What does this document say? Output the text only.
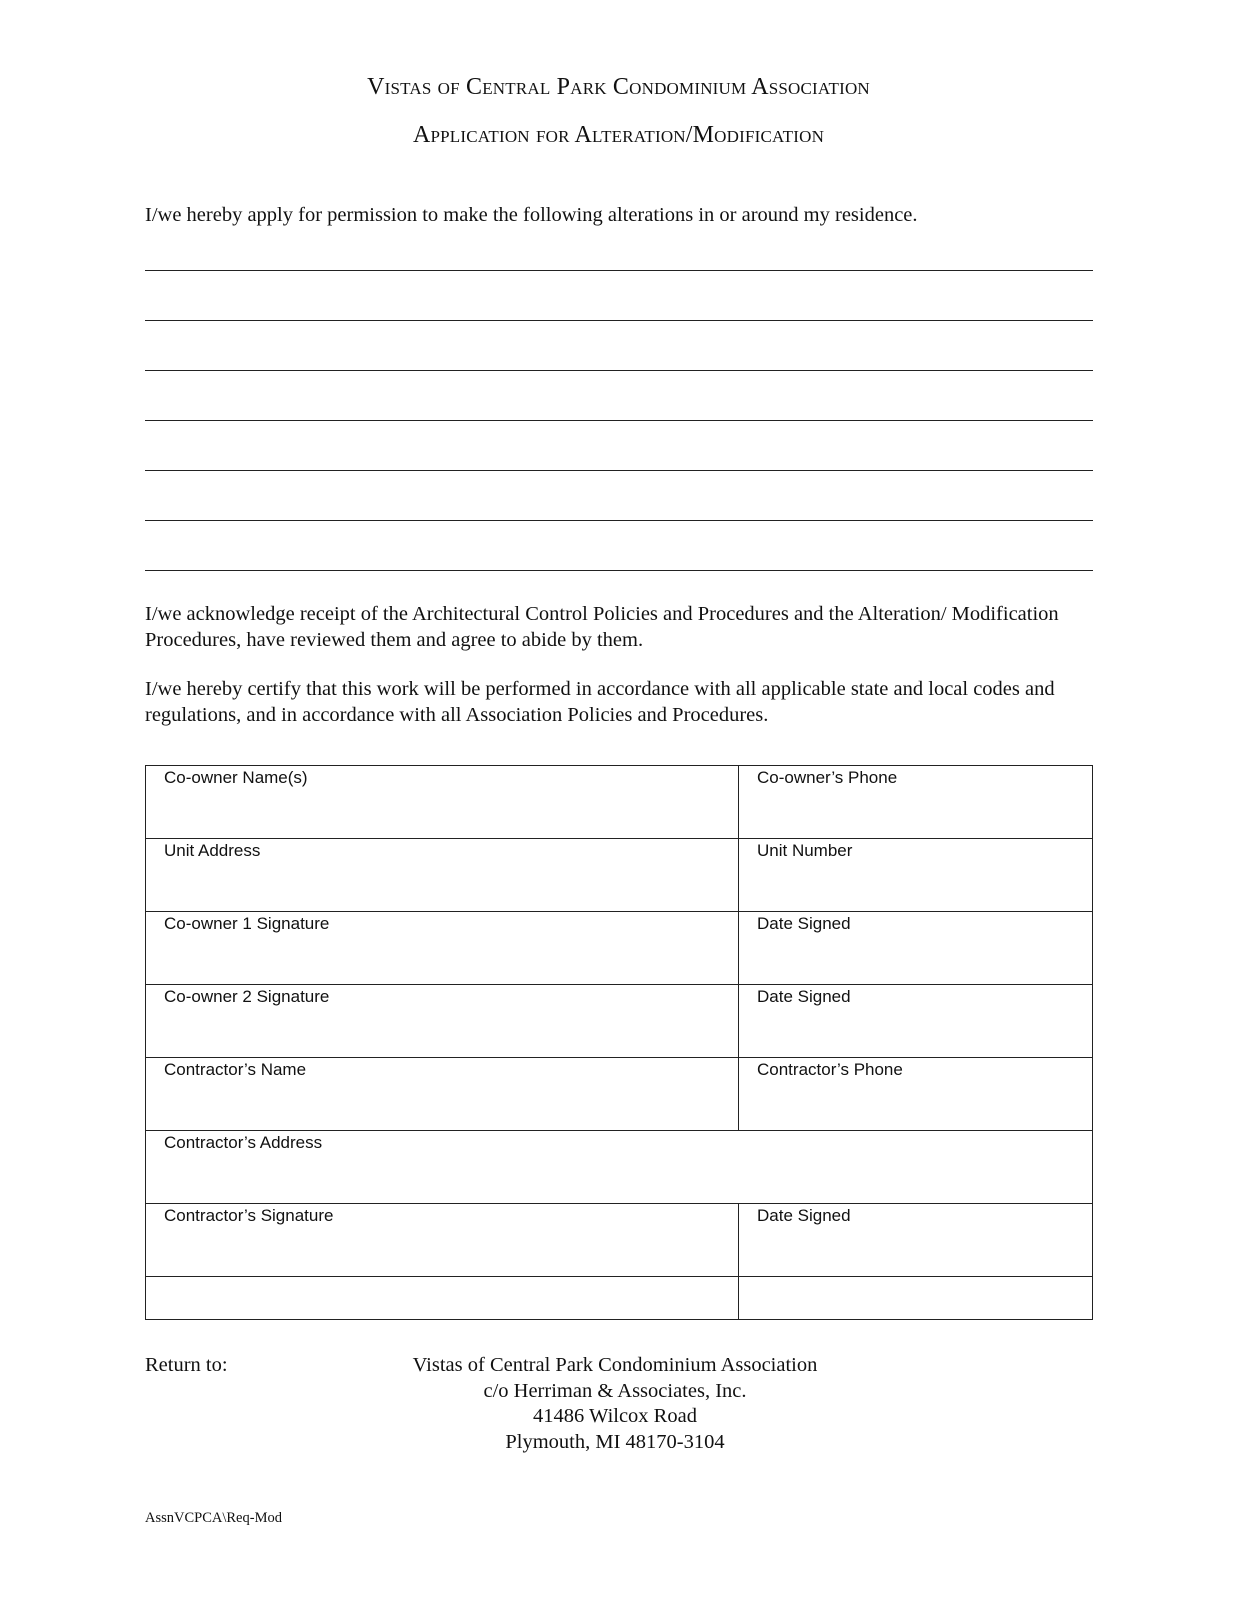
Vistas of Central Park Condominium Association
Application for Alteration/Modification
I/we hereby apply for permission to make the following alterations in or around my residence.
I/we acknowledge receipt of the Architectural Control Policies and Procedures and the Alteration/ Modification Procedures, have reviewed them and agree to abide by them.
I/we hereby certify that this work will be performed in accordance with all applicable state and local codes and regulations, and in accordance with all Association Policies and Procedures.
Co-owner Name(s)	Co-owner’s Phone
Unit Address	Unit Number
Co-owner 1 Signature	Date Signed
Co-owner 2 Signature	Date Signed
Contractor’s Name	Contractor’s Phone
Contractor’s Address	
Contractor’s Signature	Date Signed

Return to:	Vistas of Central Park Condominium Association
c/o Herriman & Associates, Inc.
41486 Wilcox Road
Plymouth, MI 48170-3104
AssnVCPCA\Req-Mod
